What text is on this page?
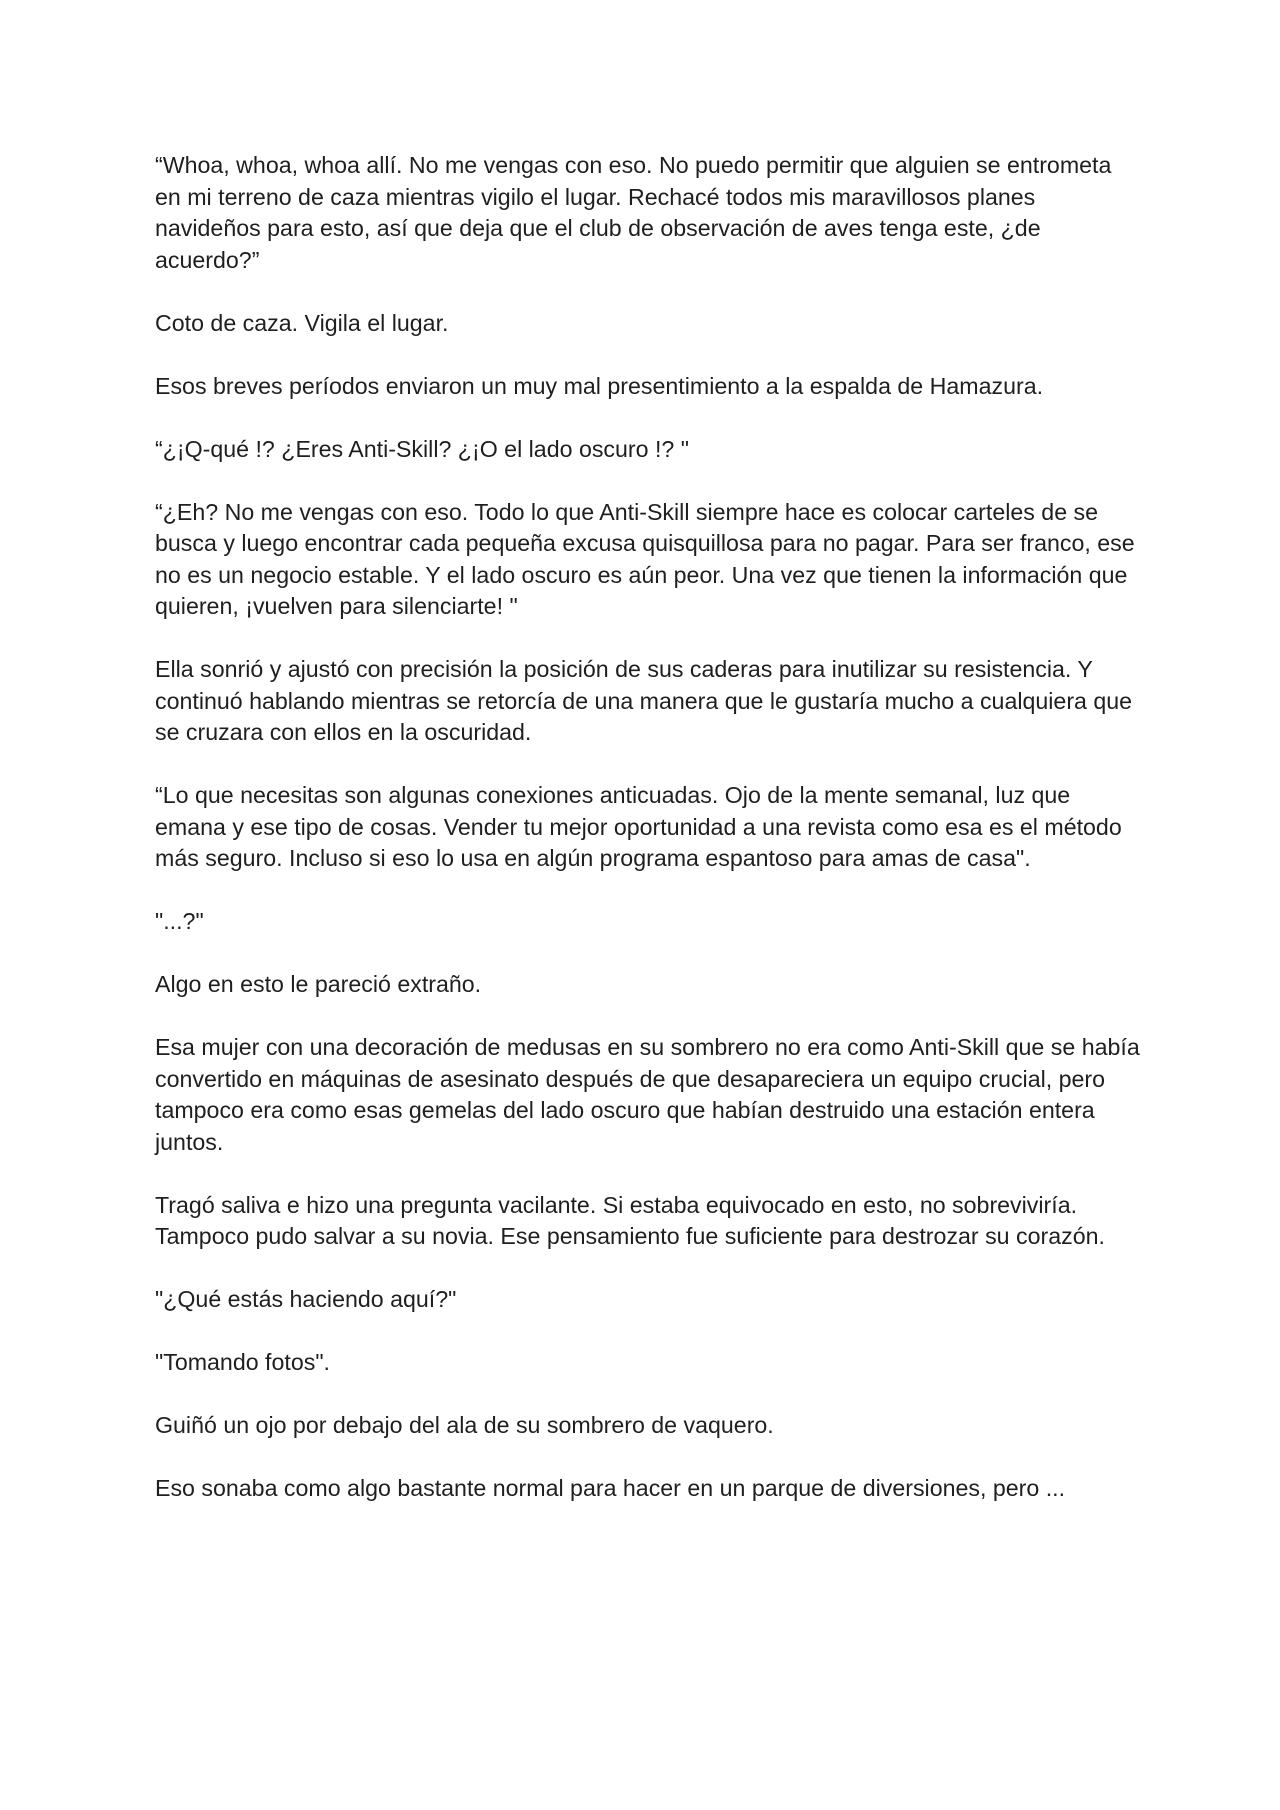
“Whoa, whoa, whoa allí. No me vengas con eso. No puedo permitir que alguien se entrometa en mi terreno de caza mientras vigilo el lugar. Rechacé todos mis maravillosos planes navideños para esto, así que deja que el club de observación de aves tenga este, ¿de acuerdo?”

Coto de caza. Vigila el lugar.

Esos breves períodos enviaron un muy mal presentimiento a la espalda de Hamazura.

“¿¡Q-qué !? ¿Eres Anti-Skill? ¿¡O el lado oscuro !? "

“¿Eh? No me vengas con eso. Todo lo que Anti-Skill siempre hace es colocar carteles de se busca y luego encontrar cada pequeña excusa quisquillosa para no pagar. Para ser franco, ese no es un negocio estable. Y el lado oscuro es aún peor. Una vez que tienen la información que quieren, ¡vuelven para silenciarte! "

Ella sonrió y ajustó con precisión la posición de sus caderas para inutilizar su resistencia. Y continuó hablando mientras se retorcía de una manera que le gustaría mucho a cualquiera que se cruzara con ellos en la oscuridad.

“Lo que necesitas son algunas conexiones anticuadas. Ojo de la mente semanal, luz que emana y ese tipo de cosas. Vender tu mejor oportunidad a una revista como esa es el método más seguro. Incluso si eso lo usa en algún programa espantoso para amas de casa".

"...?"

Algo en esto le pareció extraño.

Esa mujer con una decoración de medusas en su sombrero no era como Anti-Skill que se había convertido en máquinas de asesinato después de que desapareciera un equipo crucial, pero tampoco era como esas gemelas del lado oscuro que habían destruido una estación entera juntos.

Tragó saliva e hizo una pregunta vacilante. Si estaba equivocado en esto, no sobreviviría. Tampoco pudo salvar a su novia. Ese pensamiento fue suficiente para destrozar su corazón.

"¿Qué estás haciendo aquí?"

"Tomando fotos".

Guiñó un ojo por debajo del ala de su sombrero de vaquero.

Eso sonaba como algo bastante normal para hacer en un parque de diversiones, pero ...
